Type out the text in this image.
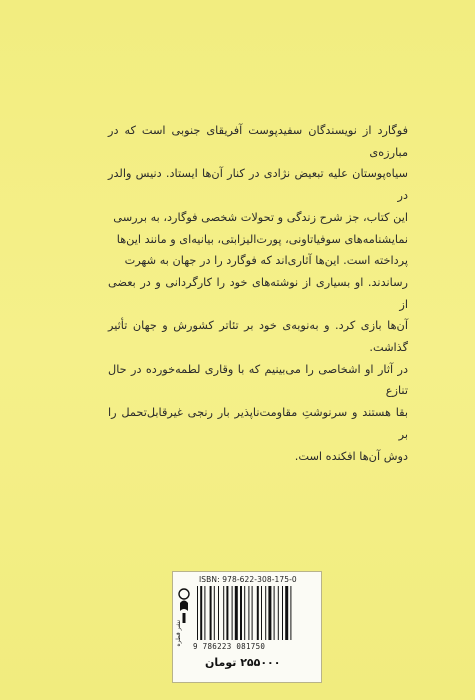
فوگارد از نویسندگان سفیدپوست آفریقای جنوبی است که در مبارزه‌ی

سیاه‌پوستان علیه تبعیض نژادی در کنار آن‌ها ایستاد. دنیس والدر در

این کتاب، جز شرح زندگی و تحولات شخصی فوگارد، به بررسی

نمایشنامه‌های سوفیاتاونی، پورت‌الیزابتی، بیانیه‌ای و مانند این‌ها

پرداخته است. این‌ها آثاری‌اند که فوگارد را در جهان به شهرت

رساندند. او بسیاری از نوشته‌های خود را کارگردانی و در بعضی از

آن‌ها بازی کرد. و به‌نوبه‌ی خود بر تئاتر کشورش و جهان تأثیر گذاشت.

در آثار او اشخاصی را می‌بینیم که با وقاری لطمه‌خورده در حال تنازع

بقا هستند و سرنوشتِ مقاومت‌ناپذیر بار رنجی غیرقابل‌تحمل را بر

دوش آن‌ها افکنده است.

نشر قطره
ISBN: 978-622-308-175-0
9 786223 081750
۲۵۵۰۰۰ تومان
